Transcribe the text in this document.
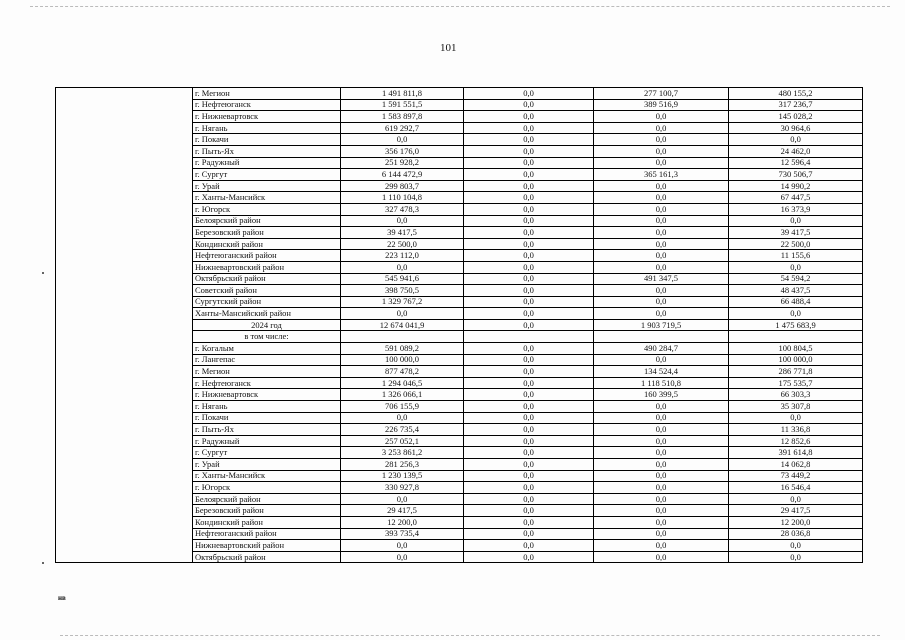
101
	г. Мегион	1 491 811,8	0,0	277 100,7	480 155,2	
	г. Нефтеюганск	1 591 551,5	0,0	389 516,9	317 236,7	
	г. Нижневартовск	1 583 897,8	0,0	0,0	145 028,2	
	г. Нягань	619 292,7	0,0	0,0	30 964,6	
	г. Покачи	0,0	0,0	0,0	0,0	
	г. Пыть-Ях	356 176,0	0,0	0,0	24 462,0	
	г. Радужный	251 928,2	0,0	0,0	12 596,4	
	г. Сургут	6 144 472,9	0,0	365 161,3	730 506,7	
	г. Урай	299 803,7	0,0	0,0	14 990,2	
	г. Ханты-Мансийск	1 110 104,8	0,0	0,0	67 447,5	
	г. Югорск	327 478,3	0,0	0,0	16 373,9	
	Белоярский район	0,0	0,0	0,0	0,0	
	Березовский район	39 417,5	0,0	0,0	39 417,5	
	Кондинский район	22 500,0	0,0	0,0	22 500,0	
	Нефтеюганский район	223 112,0	0,0	0,0	11 155,6	
	Нижневартовский район	0,0	0,0	0,0	0,0	
	Октябрьский район	545 941,6	0,0	491 347,5	54 594,2	
	Советский район	398 750,5	0,0	0,0	48 437,5	
	Сургутский район	1 329 767,2	0,0	0,0	66 488,4	
	Ханты-Мансийский район	0,0	0,0	0,0	0,0	
	2024 год	12 674 041,9	0,0	1 903 719,5	1 475 683,9	
	в том числе:					
	г. Когалым	591 089,2	0,0	490 284,7	100 804,5	
	г. Лангепас	100 000,0	0,0	0,0	100 000,0	
	г. Мегион	877 478,2	0,0	134 524,4	286 771,8	
	г. Нефтеюганск	1 294 046,5	0,0	1 118 510,8	175 535,7	
	г. Нижневартовск	1 326 066,1	0,0	160 399,5	66 303,3	
	г. Нягань	706 155,9	0,0	0,0	35 307,8	
	г. Покачи	0,0	0,0	0,0	0,0	
	г. Пыть-Ях	226 735,4	0,0	0,0	11 336,8	
	г. Радужный	257 052,1	0,0	0,0	12 852,6	
	г. Сургут	3 253 861,2	0,0	0,0	391 614,8	
	г. Урай	281 256,3	0,0	0,0	14 062,8	
	г. Ханты-Мансийск	1 230 139,5	0,0	0,0	73 449,2	
	г. Югорск	330 927,8	0,0	0,0	16 546,4	
	Белоярский район	0,0	0,0	0,0	0,0	
	Березовский район	29 417,5	0,0	0,0	29 417,5	
	Кондинский район	12 200,0	0,0	0,0	12 200,0	
	Нефтеюганский район	393 735,4	0,0	0,0	28 036,8	
	Нижневартовский район	0,0	0,0	0,0	0,0	
	Октябрьский район	0,0	0,0	0,0	0,0	
нв
